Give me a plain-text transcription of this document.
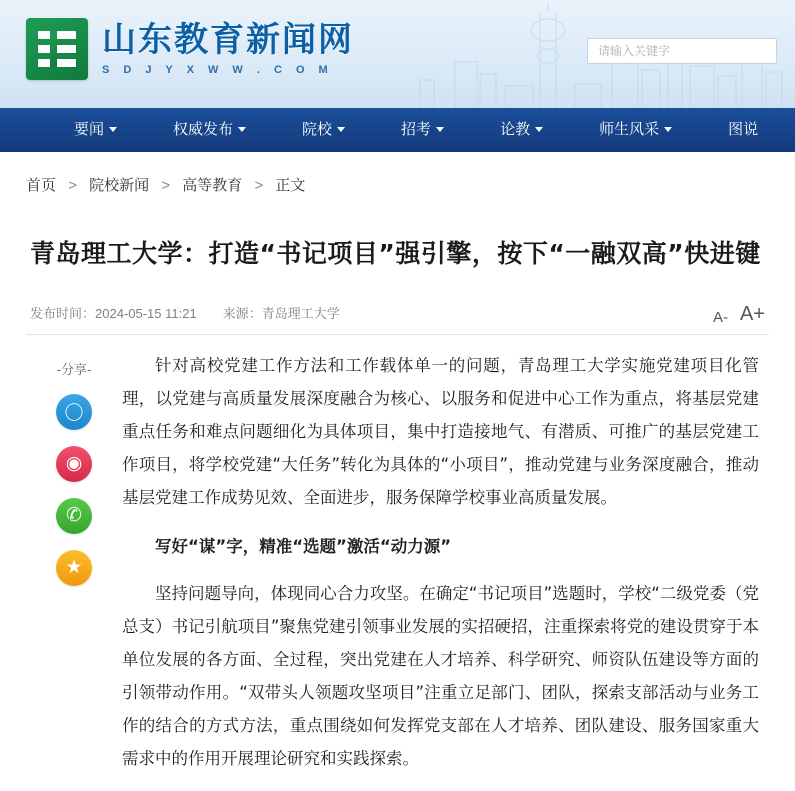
山东教育新闻网
S D J Y X W W . C O M
请输入关键字
要闻	权威发布	院校	招考	论教	师生风采	图说
首页 > 院校新闻 > 高等教育 > 正文
青岛理工大学：打造“书记项目”强引擎，按下“一融双高”快进键
发布时间：2024-05-15 11:21 来源：青岛理工大学	A- A+
-分享-
〇
◉
✆
★

针对高校党建工作方法和工作载体单一的问题，青岛理工大学实施党建项目化管理，以党建与高质量发展深度融合为核心、以服务和促进中心工作为重点，将基层党建重点任务和难点问题细化为具体项目，集中打造接地气、有潜质、可推广的基层党建工作项目，将学校党建“大任务”转化为具体的“小项目”，推动党建与业务深度融合，推动基层党建工作成势见效、全面进步，服务保障学校事业高质量发展。

写好“谋”字，精准“选题”激活“动力源”

坚持问题导向，体现同心合力攻坚。在确定“书记项目”选题时，学校“二级党委（党总支）书记引航项目”聚焦党建引领事业发展的实招硬招，注重探索将党的建设贯穿于本单位发展的各方面、全过程，突出党建在人才培养、科学研究、师资队伍建设等方面的引领带动作用。“双带头人领题攻坚项目”注重立足部门、团队，探索支部活动与业务工作的结合的方式方法，重点围绕如何发挥党支部在人才培养、团队建设、服务国家重大需求中的作用开展理论研究和实践探索。
